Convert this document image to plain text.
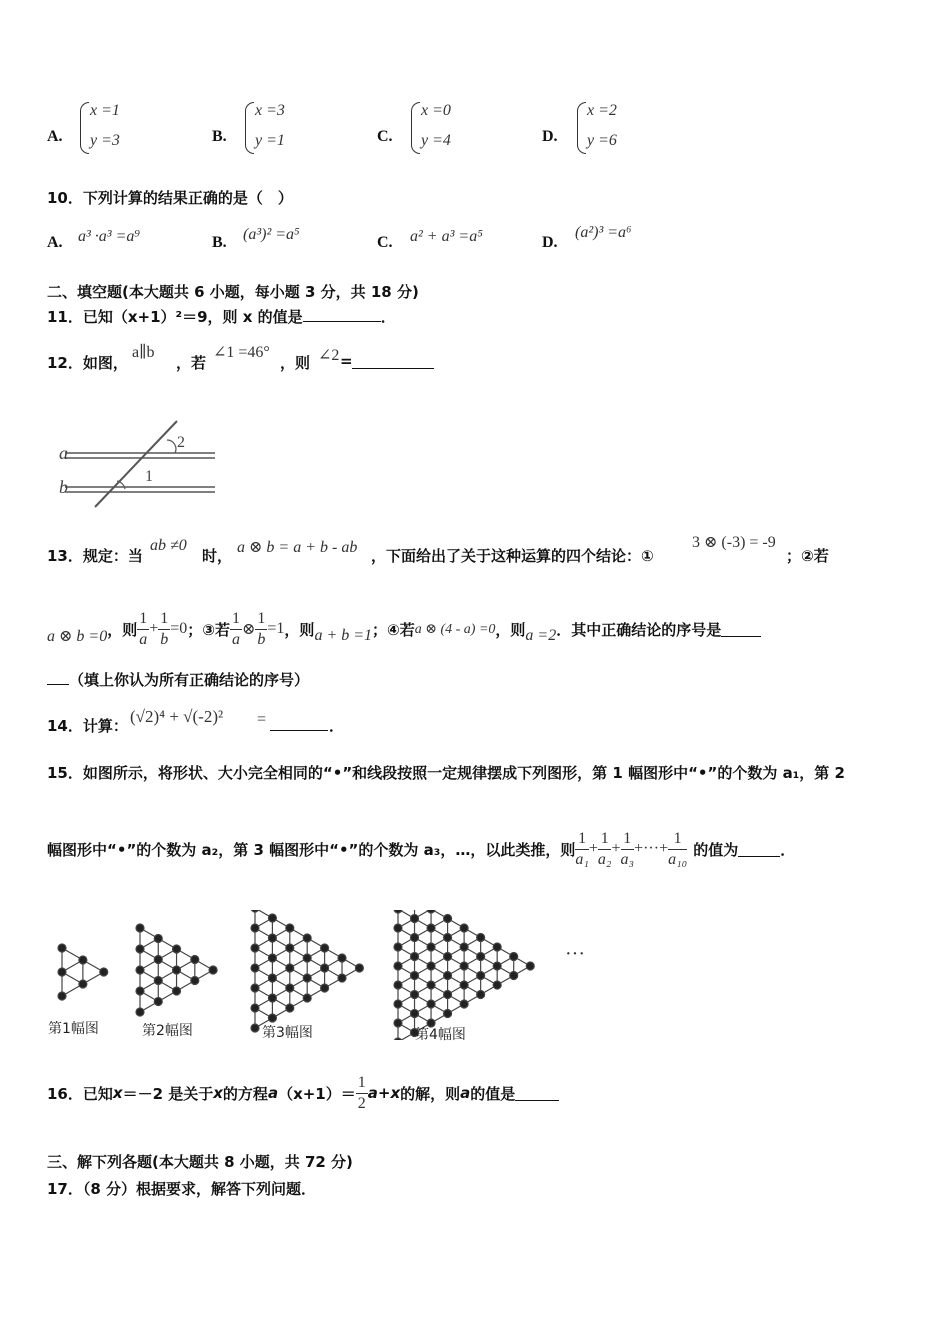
A.
x =1
y =3	B.
x =3
y =1	C.
x =0
y =4	D.
x =2
y =6
10．下列计算的结果正确的是（　）
A. a³ ·a³ =a⁹	B. (a³)² =a⁵	C. a² + a³ =a⁵	D.
(a²)³ =a⁶
二、填空题(本大题共 6 小题，每小题 3 分，共 18 分)
11．已知（x+1）²＝9，则 x 的值是	．
12．如图，
a∥b
，若
∠1 =46°
，则 ∠2 =
a
b
1
2
13．规定：当
ab ≠0
时， a ⊗ b = a + b - ab ，下面给出了关于这种运算的四个结论：①
3 ⊗ (-3) = -9
；②若
a ⊗ b =0 ，则 $\frac{1}{a} + \frac{1}{b} =0$ ；③若 $\frac{1}{a}$ ⊗ $\frac{1}{b} =1$ ，则 a + b =1 ；④若 a ⊗ (4 - a) =0 ，则 a =2 ．其中正确结论的序号是
（填上你认为所有正确结论的序号）
14．计算： (√2)⁴ + √(-2)² =	．
15．如图所示，将形状、大小完全相同的“•”和线段按照一定规律摆成下列图形，第 1 幅图形中“•”的个数为 a₁，第 2
幅图形中“•”的个数为 a₂，第 3 幅图形中“•”的个数为 a₃，…，以此类推，则 $\frac{1}{\text{a₁}} + \frac{1}{\text{a₂}} + \frac{1}{\text{a₃}}$ +···+ $\frac{1}{\text{a₁₀}}$ 的值为	．
···
第1幅图	第2幅图	第3幅图	第4幅图
16．已知 x ＝－2 是关于 x 的方程 a $(x+1)= \frac{1}{2} a+x$ 的解，则 a 的值是
三、解下列各题(本大题共 8 小题，共 72 分)
17．（8 分）根据要求，解答下列问题．
